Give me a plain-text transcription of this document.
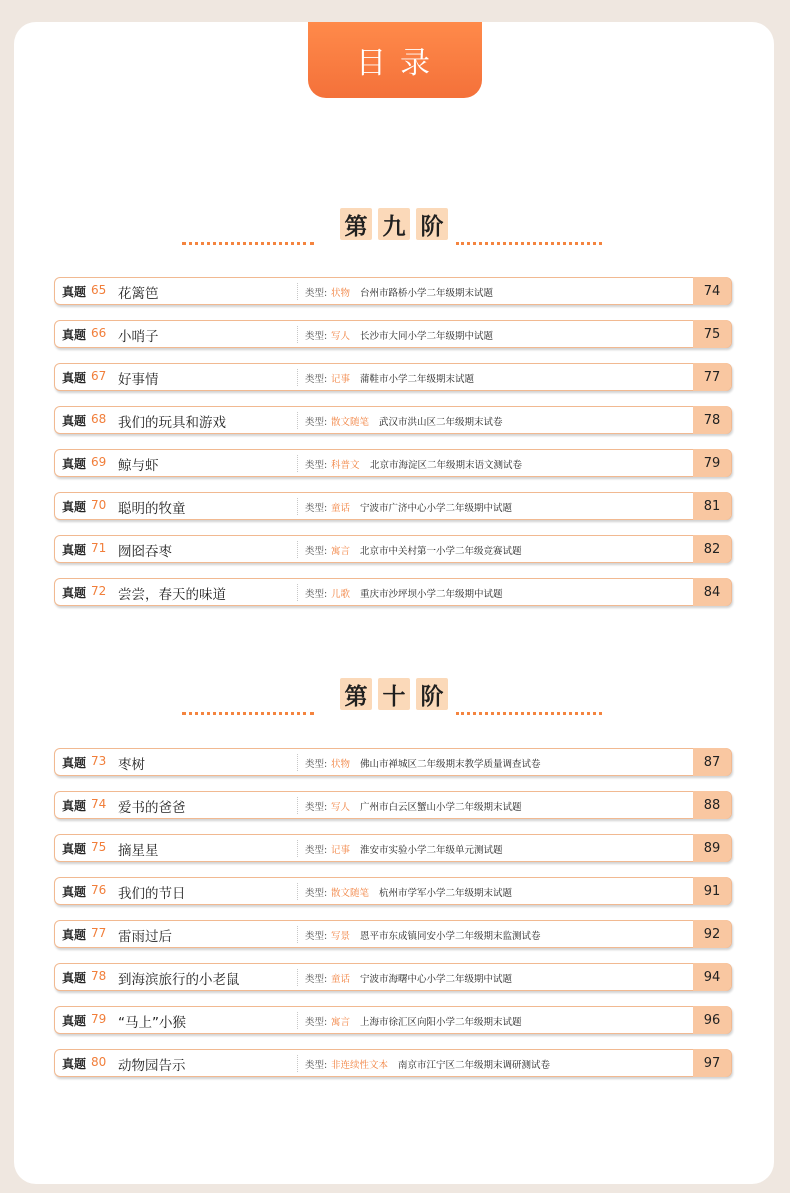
目录
第 九 阶
真题 65 花篱笆	类型: 状物 台州市路桥小学二年级期末试题	74
真题 66 小哨子	类型: 写人 长沙市大同小学二年级期中试题	75
真题 67 好事情	类型: 记事 蒲鞋市小学二年级期末试题	77
真题 68 我们的玩具和游戏	类型: 散文随笔 武汉市洪山区二年级期末试卷	78
真题 69 鲸与虾	类型: 科普文 北京市海淀区二年级期末语文测试卷	79
真题 70 聪明的牧童	类型: 童话 宁波市广济中心小学二年级期中试题	81
真题 71 囫囵吞枣	类型: 寓言 北京市中关村第一小学二年级竞赛试题	82
真题 72 尝尝，春天的味道	类型: 儿歌 重庆市沙坪坝小学二年级期中试题	84
第 十 阶
真题 73 枣树	类型: 状物 佛山市禅城区二年级期末教学质量调查试卷	87
真题 74 爱书的爸爸	类型: 写人 广州市白云区蟹山小学二年级期末试题	88
真题 75 摘星星	类型: 记事 淮安市实验小学二年级单元测试题	89
真题 76 我们的节日	类型: 散文随笔 杭州市学军小学二年级期末试题	91
真题 77 雷雨过后	类型: 写景 恩平市东成镇同安小学二年级期末监测试卷	92
真题 78 到海滨旅行的小老鼠	类型: 童话 宁波市海曙中心小学二年级期中试题	94
真题 79 “马上”小猴	类型: 寓言 上海市徐汇区向阳小学二年级期末试题	96
真题 80 动物园告示	类型: 非连续性文本 南京市江宁区二年级期末调研测试卷	97
